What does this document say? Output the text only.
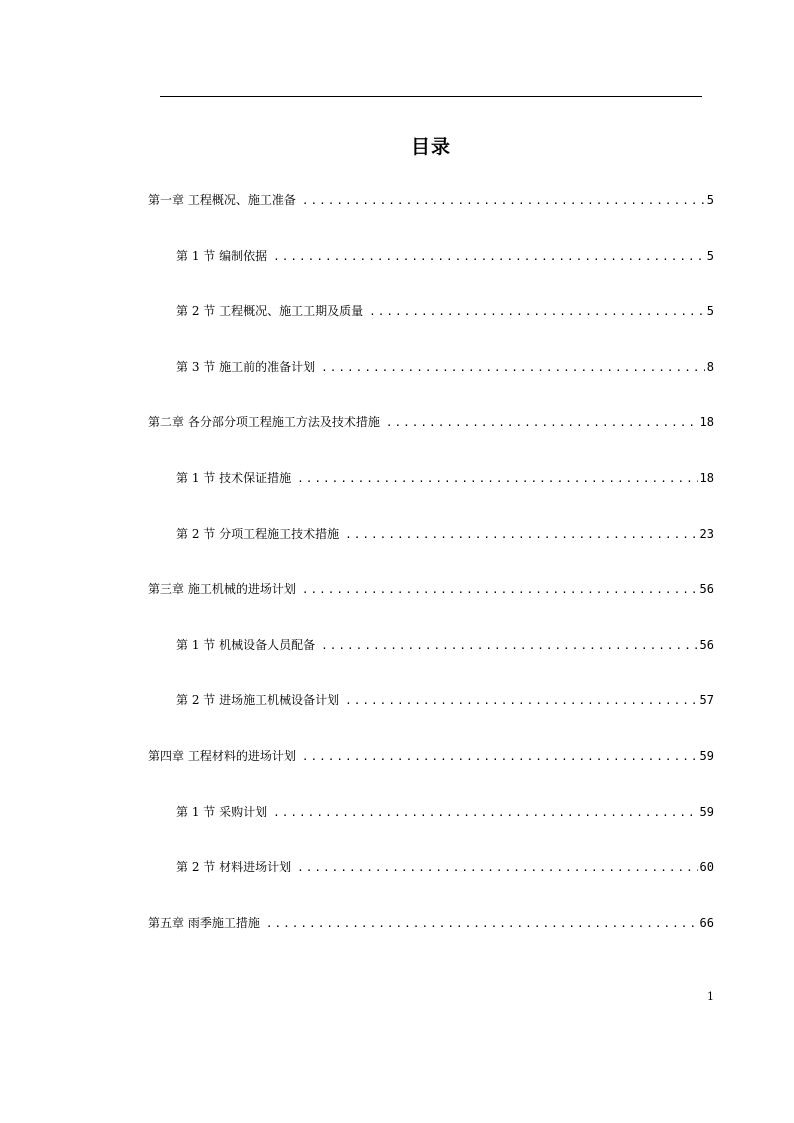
目录
第一章 工程概况、施工准备 . . .	5
第 1 节 编制依据 . . .	5
第 2 节 工程概况、施工工期及质量 . . .	5
第 3 节 施工前的准备计划 . . .	8
第二章 各分部分项工程施工方法及技术措施 . . .	18
第 1 节 技术保证措施 . . .	18
第 2 节 分项工程施工技术措施 . . .	23
第三章 施工机械的进场计划 . . .	56
第 1 节 机械设备人员配备 . . .	56
第 2 节 进场施工机械设备计划 . . .	57
第四章 工程材料的进场计划 . . .	59
第 1 节 采购计划 . . .	59
第 2 节 材料进场计划 . . .	60
第五章 雨季施工措施 . . .	66
1
